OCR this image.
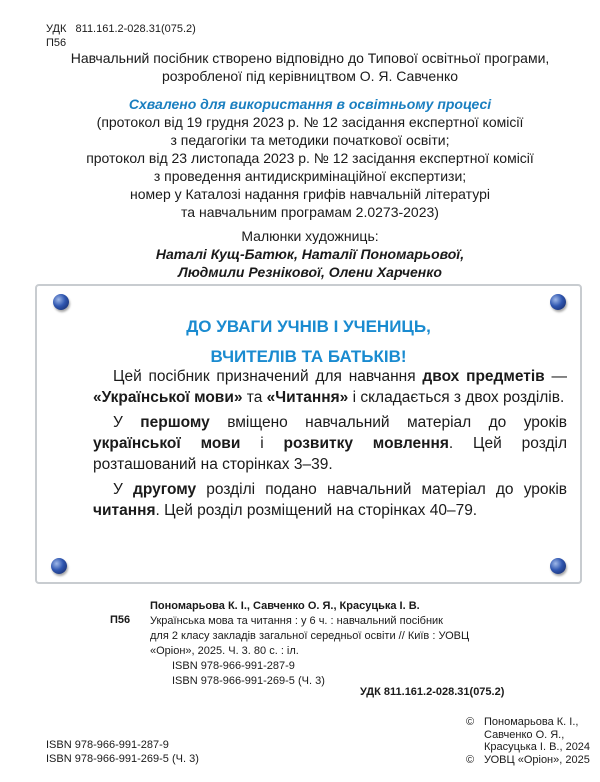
УДК   811.161.2-028.31(075.2)
П56
Навчальний посібник створено відповідно до Типової освітньої програми,
розробленої під керівництвом О. Я. Савченко
Схвалено для використання в освітньому процесі
(протокол від 19 грудня 2023 р. № 12 засідання експертної комісії
з педагогіки та методики початкової освіти;
протокол від 23 листопада 2023 р. № 12 засідання експертної комісії
з проведення антидискримінаційної експертизи;
номер у Каталозі надання грифів навчальній літературі
та навчальним програмам 2.0273-2023)
Малюнки художниць:
Наталі Кущ-Батюк, Наталії Пономарьової,
Людмили Резнікової, Олени Харченко
ДО УВАГИ УЧНІВ І УЧЕНИЦЬ,
ВЧИТЕЛІВ ТА БАТЬКІВ!

Цей посібник призначений для навчання двох предметів — «Української мови» та «Читання» і складається з двох розділів.

У першому вміщено навчальний матеріал до уроків української мови і розвитку мовлення. Цей розділ розташований на сторінках 3–39.

У другому розділі подано навчальний матеріал до уроків читання. Цей розділ розміщений на сторінках 40–79.

Пономарьова К. І., Савченко О. Я., Красуцька І. В.
Українська мова та читання : у 6 ч. : навчальний посібник
для 2 класу закладів загальної середньої освіти // Київ : УОВЦ
«Оріон», 2025. Ч. 3. 80 с. : іл.
ISBN 978-966-991-287-9
ISBN 978-966-991-269-5 (Ч. 3)
П56
УДК 811.161.2-028.31(075.2)
ISBN 978-966-991-287-9
ISBN 978-966-991-269-5 (Ч. 3)
© Пономарьова К. І.,
Савченко О. Я.,
Красуцька І. В., 2024
© УОВЦ «Оріон», 2025
